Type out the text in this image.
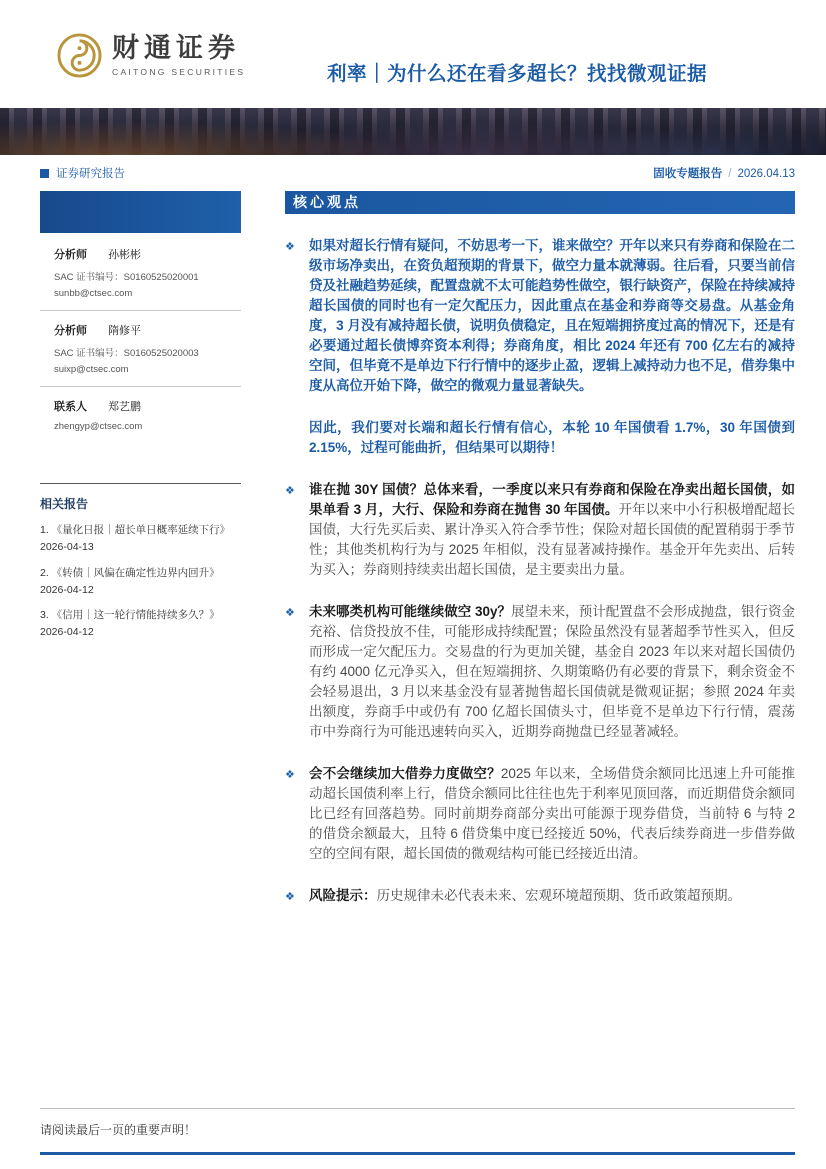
财通证券
CAITONG SECURITIES	利率｜为什么还在看多超长？找找微观证据
证券研究报告	固收专题报告 / 2026.04.13
分析师 孙彬彬
SAC 证书编号：S0160525020001
sunbb@ctsec.com
分析师 隋修平
SAC 证书编号：S0160525020003
suixp@ctsec.com
联系人 郑艺鹏
zhengyp@ctsec.com
相关报告
1. 《量化日报｜超长单日概率延续下行》
2026-04-13
2. 《转债｜风偏在确定性边界内回升》
2026-04-12
3. 《信用｜这一轮行情能持续多久？》
2026-04-12
核心观点
❖	如果对超长行情有疑问，不妨思考一下，谁来做空？开年以来只有券商和保险在二级市场净卖出，在资负超预期的背景下，做空力量本就薄弱。往后看，只要当前信贷及社融趋势延续，配置盘就不太可能趋势性做空，银行缺资产，保险在持续减持超长国债的同时也有一定欠配压力，因此重点在基金和券商等交易盘。从基金角度，3 月没有减持超长债，说明负债稳定，且在短端拥挤度过高的情况下，还是有必要通过超长债博弈资本利得；券商角度，相比 2024 年还有 700 亿左右的减持空间，但毕竟不是单边下行行情中的逐步止盈，逻辑上减持动力也不足，借券集中度从高位开始下降，做空的微观力量显著缺失。

因此，我们要对长端和超长行情有信心，本轮 10 年国债看 1.7%，30 年国债到 2.15%，过程可能曲折，但结果可以期待！

❖	谁在抛 30Y 国债？总体来看，一季度以来只有券商和保险在净卖出超长国债，如果单看 3 月，大行、保险和券商在抛售 30 年国债。开年以来中小行积极增配超长国债，大行先买后卖、累计净买入符合季节性；保险对超长国债的配置稍弱于季节性；其他类机构行为与 2025 年相似，没有显著减持操作。基金开年先卖出、后转为买入；券商则持续卖出超长国债，是主要卖出力量。

❖	未来哪类机构可能继续做空 30y？展望未来，预计配置盘不会形成抛盘，银行资金充裕、信贷投放不佳，可能形成持续配置；保险虽然没有显著超季节性买入，但反而形成一定欠配压力。交易盘的行为更加关键，基金自 2023 年以来对超长国债仍有约 4000 亿元净买入，但在短端拥挤、久期策略仍有必要的背景下，剩余资金不会轻易退出，3 月以来基金没有显著抛售超长国债就是微观证据；参照 2024 年卖出额度，券商手中或仍有 700 亿超长国债头寸，但毕竟不是单边下行行情，震荡市中券商行为可能迅速转向买入，近期券商抛盘已经显著减轻。

❖	会不会继续加大借券力度做空？2025 年以来，全场借贷余额同比迅速上升可能推动超长国债利率上行，借贷余额同比往往也先于利率见顶回落，而近期借贷余额同比已经有回落趋势。同时前期券商部分卖出可能源于现券借贷，当前特 6 与特 2 的借贷余额最大，且特 6 借贷集中度已经接近 50%，代表后续券商进一步借券做空的空间有限，超长国债的微观结构可能已经接近出清。

❖	风险提示：历史规律未必代表未来、宏观环境超预期、货币政策超预期。

请阅读最后一页的重要声明！
